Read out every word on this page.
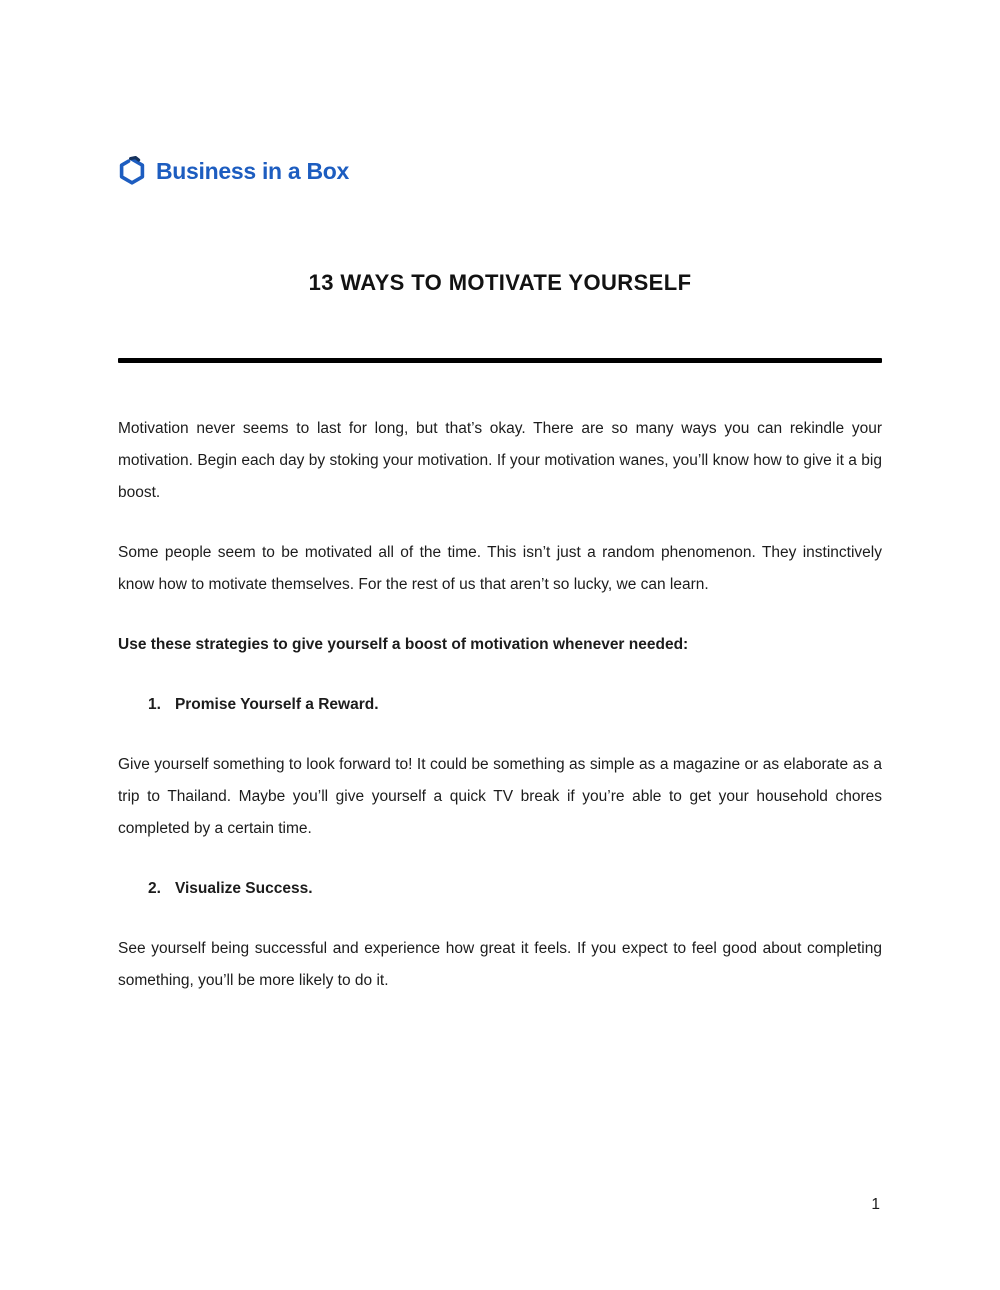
Business in a Box
13 WAYS TO MOTIVATE YOURSELF

Motivation never seems to last for long, but that’s okay. There are so many ways you can rekindle your motivation. Begin each day by stoking your motivation. If your motivation wanes, you’ll know how to give it a big boost.

Some people seem to be motivated all of the time. This isn’t just a random phenomenon. They instinctively know how to motivate themselves. For the rest of us that aren’t so lucky, we can learn.

Use these strategies to give yourself a boost of motivation whenever needed:

1. Promise Yourself a Reward.

Give yourself something to look forward to! It could be something as simple as a magazine or as elaborate as a trip to Thailand. Maybe you’ll give yourself a quick TV break if you’re able to get your household chores completed by a certain time.

2. Visualize Success.

See yourself being successful and experience how great it feels. If you expect to feel good about completing something, you’ll be more likely to do it.

1
